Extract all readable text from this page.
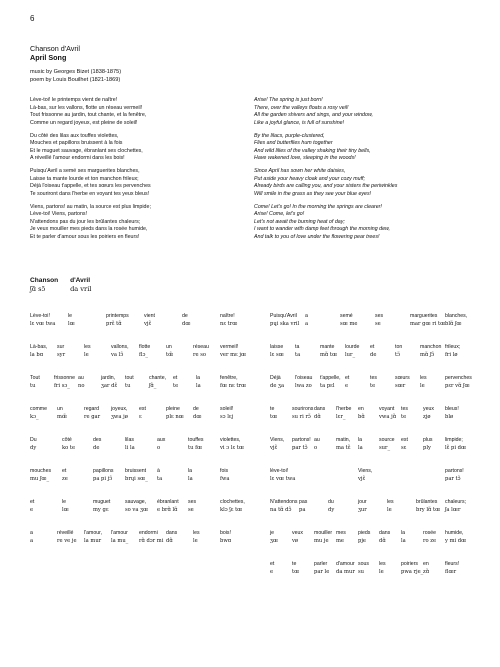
6
Chanson d'Avril
April Song
music by Georges Bizet (1838-1875)
poem by Louis Bouilhet (1821-1869)
Lève-toi! le printemps vient de naître!
Là-bas, sur les vallons, flotte un réseau vermeil!
Tout frissonne au jardin, tout chante, et la fenêtre,
Comme un regard joyeux, est pleine de soleil!
Du côté des lilas aux touffes violettes,
Mouches et papillons bruissent à la fois
Et le muguet sauvage, ébranlant ses clochettes,
A réveillé l'amour endormi dans les bois!
Puisqu'Avril a semé ses marguerites blanches,
Laisse ta mante lourde et ton manchon frileux;
Déjà l'oiseau t'appelle, et tes sœurs les pervenches
Te souriront dans l'herbe en voyant tes yeux bleus!
Viens, partons! au matin, la source est plus limpide;
Lève-toi! Viens, partons!
N'attendons pas du jour les brûlantes chaleurs;
Je veux mouiller mes pieds dans la rosée humide,
Et te parler d'amour sous les poiriers en fleurs!
Arise! The spring is just born!
There, over the valleys floats a rosy veil!
All the garden shivers and sings, and your window,
Like a joyful glance, is full of sunshine!
By the lilacs, purple-clustered,
Flies and butterflies hum together
And wild lilies of the valley shaking their tiny bells,
Have wakened love, sleeping in the woods!
Since April has sown her white daisies,
Put aside your heavy cloak and your cozy muff;
Already birds are calling you, and your sisters the periwinkles
Will smile in the grass as they see your blue eyes!
Come! Let's go! In the morning the springs are clearer!
Arise! Come, let's go!
Let's not await the burning heat of day;
I want to wander with damp feet through the morning dew,
And talk to you of love under the flowering pear trees!
Chanson
ʃɑ̃ sɔ̃

d'Avril
da vril
Lève-toi!
lɛ vœ twa
le
lœ
printemps
prɛ̃ tɑ̃
vient
vjɛ̃
de
dœ
naître!
nɛ trœ
Là-bas,
la bɑ
sur
syr
les
le
vallons,
va lɔ̃
flotte
flɔ_
un
tœ̃
réseau
re so
vermeil!
ver mɛ jœ
Tout
tu
frissonne
fri sɔ_
au
no
jardin,
ʒar dɛ̃
tout
tu
chante,
ʃɑ̃_
et
te
la
la
fenêtre,
fœ nɛ trœ
comme
kɔ_
un
mœ̃
regard
re gar
joyeux,
ʒwa jø
est
ɛ
pleine
plɛ nœ
de
dœ
soleil!
sɔ lɛj
Du
dy
côté
ko te
des
de
lilas
li la
aux
o
touffes
tu fœ
violettes,
vi ɔ lɛ tœ
mouches
mu ʃœ_
et
ze
papillons
pa pi jɔ̃
bruissent
brɥi sœ_
à
ta
la
la
fois
fwa
et
e
le
lœ
muguet
my gɛ
sauvage,
so va ʒœ
ébranlant
e brɑ̃ lɑ̃
ses
se
clochettes,
klɔ ʃɛ tœ
a
a
réveillé
re ve je
l'amour,
la mur
l'amour
la mu_
endormi
rɑ̃ dɔr mi
dans
dɑ̃
les
le
bois!
bwɑ
Puisqu'Avril
pɥi ska vril
a
a
semé
sœ me
ses
se
marguerites
mar gœ ri tœ
blanches,
blɑ̃ ʃœ
laisse
lɛ sœ
ta
ta
mante
mɑ̃ tœ
lourde
lur_
et
de
ton
tɔ̃
manchon
mɑ̃ ʃɔ̃
frileux;
fri lø
Déjà
de ʒa
l'oiseau
lwa zo
t'appelle,
ta pɛl
et
e
tes
te
sœurs
sœr
les
le
pervenches
pɛr vɑ̃ ʃœ
te
tœ
sourirons
su ri rɔ̃
dans
dɑ̃
l'herbe
lɛr_
en
bɑ̃
voyant
vwa jɑ̃
tes
te
yeux
zjø
bleus!
blø
Viens,
vjɛ̃
partons!
par tɔ̃
au
o
matin,
ma tɛ̃
la
la
source
sur_
est
sɛ
plus
ply
limpide;
lɛ̃ pi dœ
lève-toi!
lɛ vœ twa
Viens,
vjɛ̃
partons!
par tɔ̃
N'attendons
na tɑ̃ dɔ̃
pas
pa
du
dy
jour
ʒur
les
le
brûlantes
bry lɑ̃ tœ
chaleurs;
ʃa lœr
je
ʒœ
veux
vø
mouiller
mu je
mes
me
pieds
pje
dans
dɑ̃
la
la
rosée
ro ze
humide,
y mi dœ
et
e
te
tœ
parler
par le
d'amour
da mur
sous
su
les
le
poiriers
pwa rje_
en
zɑ̃
fleurs!
flœr
